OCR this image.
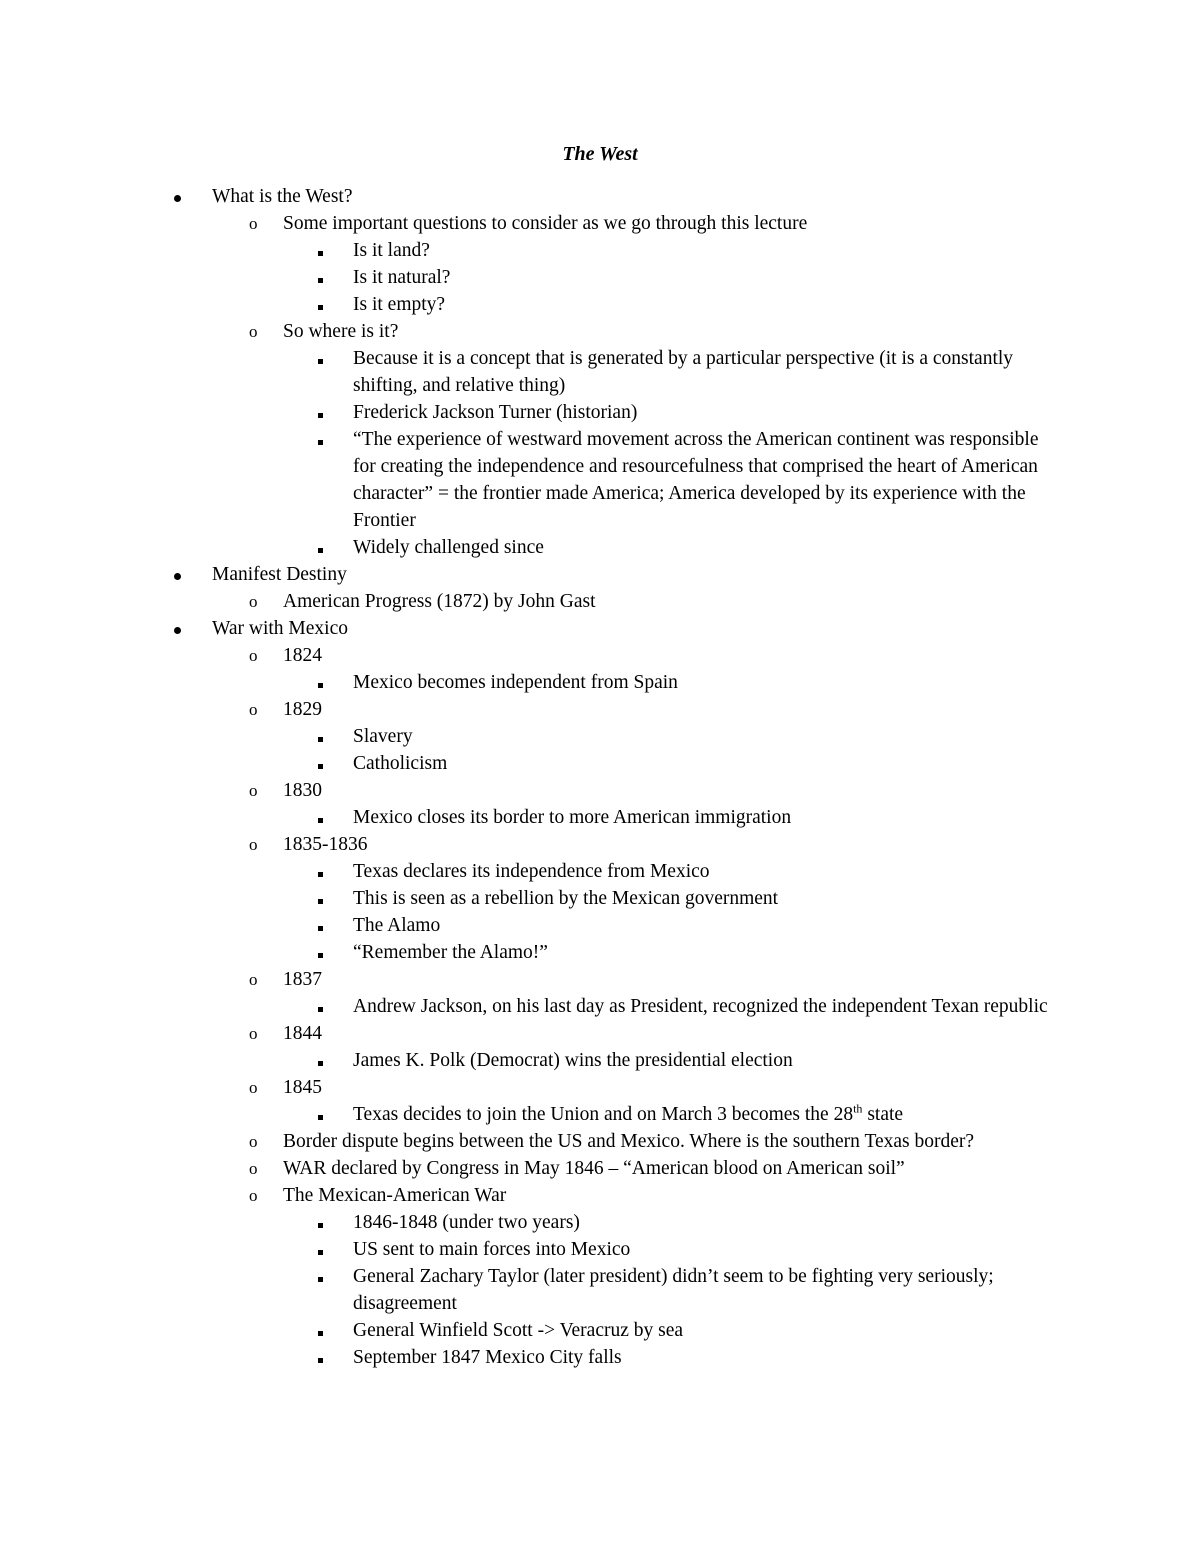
The West
What is the West?
o Some important questions to consider as we go through this lecture
Is it land?
Is it natural?
Is it empty?
o So where is it?
Because it is a concept that is generated by a particular perspective (it is a constantly shifting, and relative thing)
Frederick Jackson Turner (historian)
“The experience of westward movement across the American continent was responsible for creating the independence and resourcefulness that comprised the heart of American character” = the frontier made America; America developed by its experience with the Frontier
Widely challenged since
Manifest Destiny
o American Progress (1872) by John Gast
War with Mexico
o 1824
Mexico becomes independent from Spain
o 1829
Slavery
Catholicism
o 1830
Mexico closes its border to more American immigration
o 1835-1836
Texas declares its independence from Mexico
This is seen as a rebellion by the Mexican government
The Alamo
“Remember the Alamo!”
o 1837
Andrew Jackson, on his last day as President, recognized the independent Texan republic
o 1844
James K. Polk (Democrat) wins the presidential election
o 1845
Texas decides to join the Union and on March 3 becomes the 28th state
o Border dispute begins between the US and Mexico. Where is the southern Texas border?
o WAR declared by Congress in May 1846 – “American blood on American soil”
o The Mexican-American War
1846-1848 (under two years)
US sent to main forces into Mexico
General Zachary Taylor (later president) didn’t seem to be fighting very seriously; disagreement
General Winfield Scott -> Veracruz by sea
September 1847 Mexico City falls
